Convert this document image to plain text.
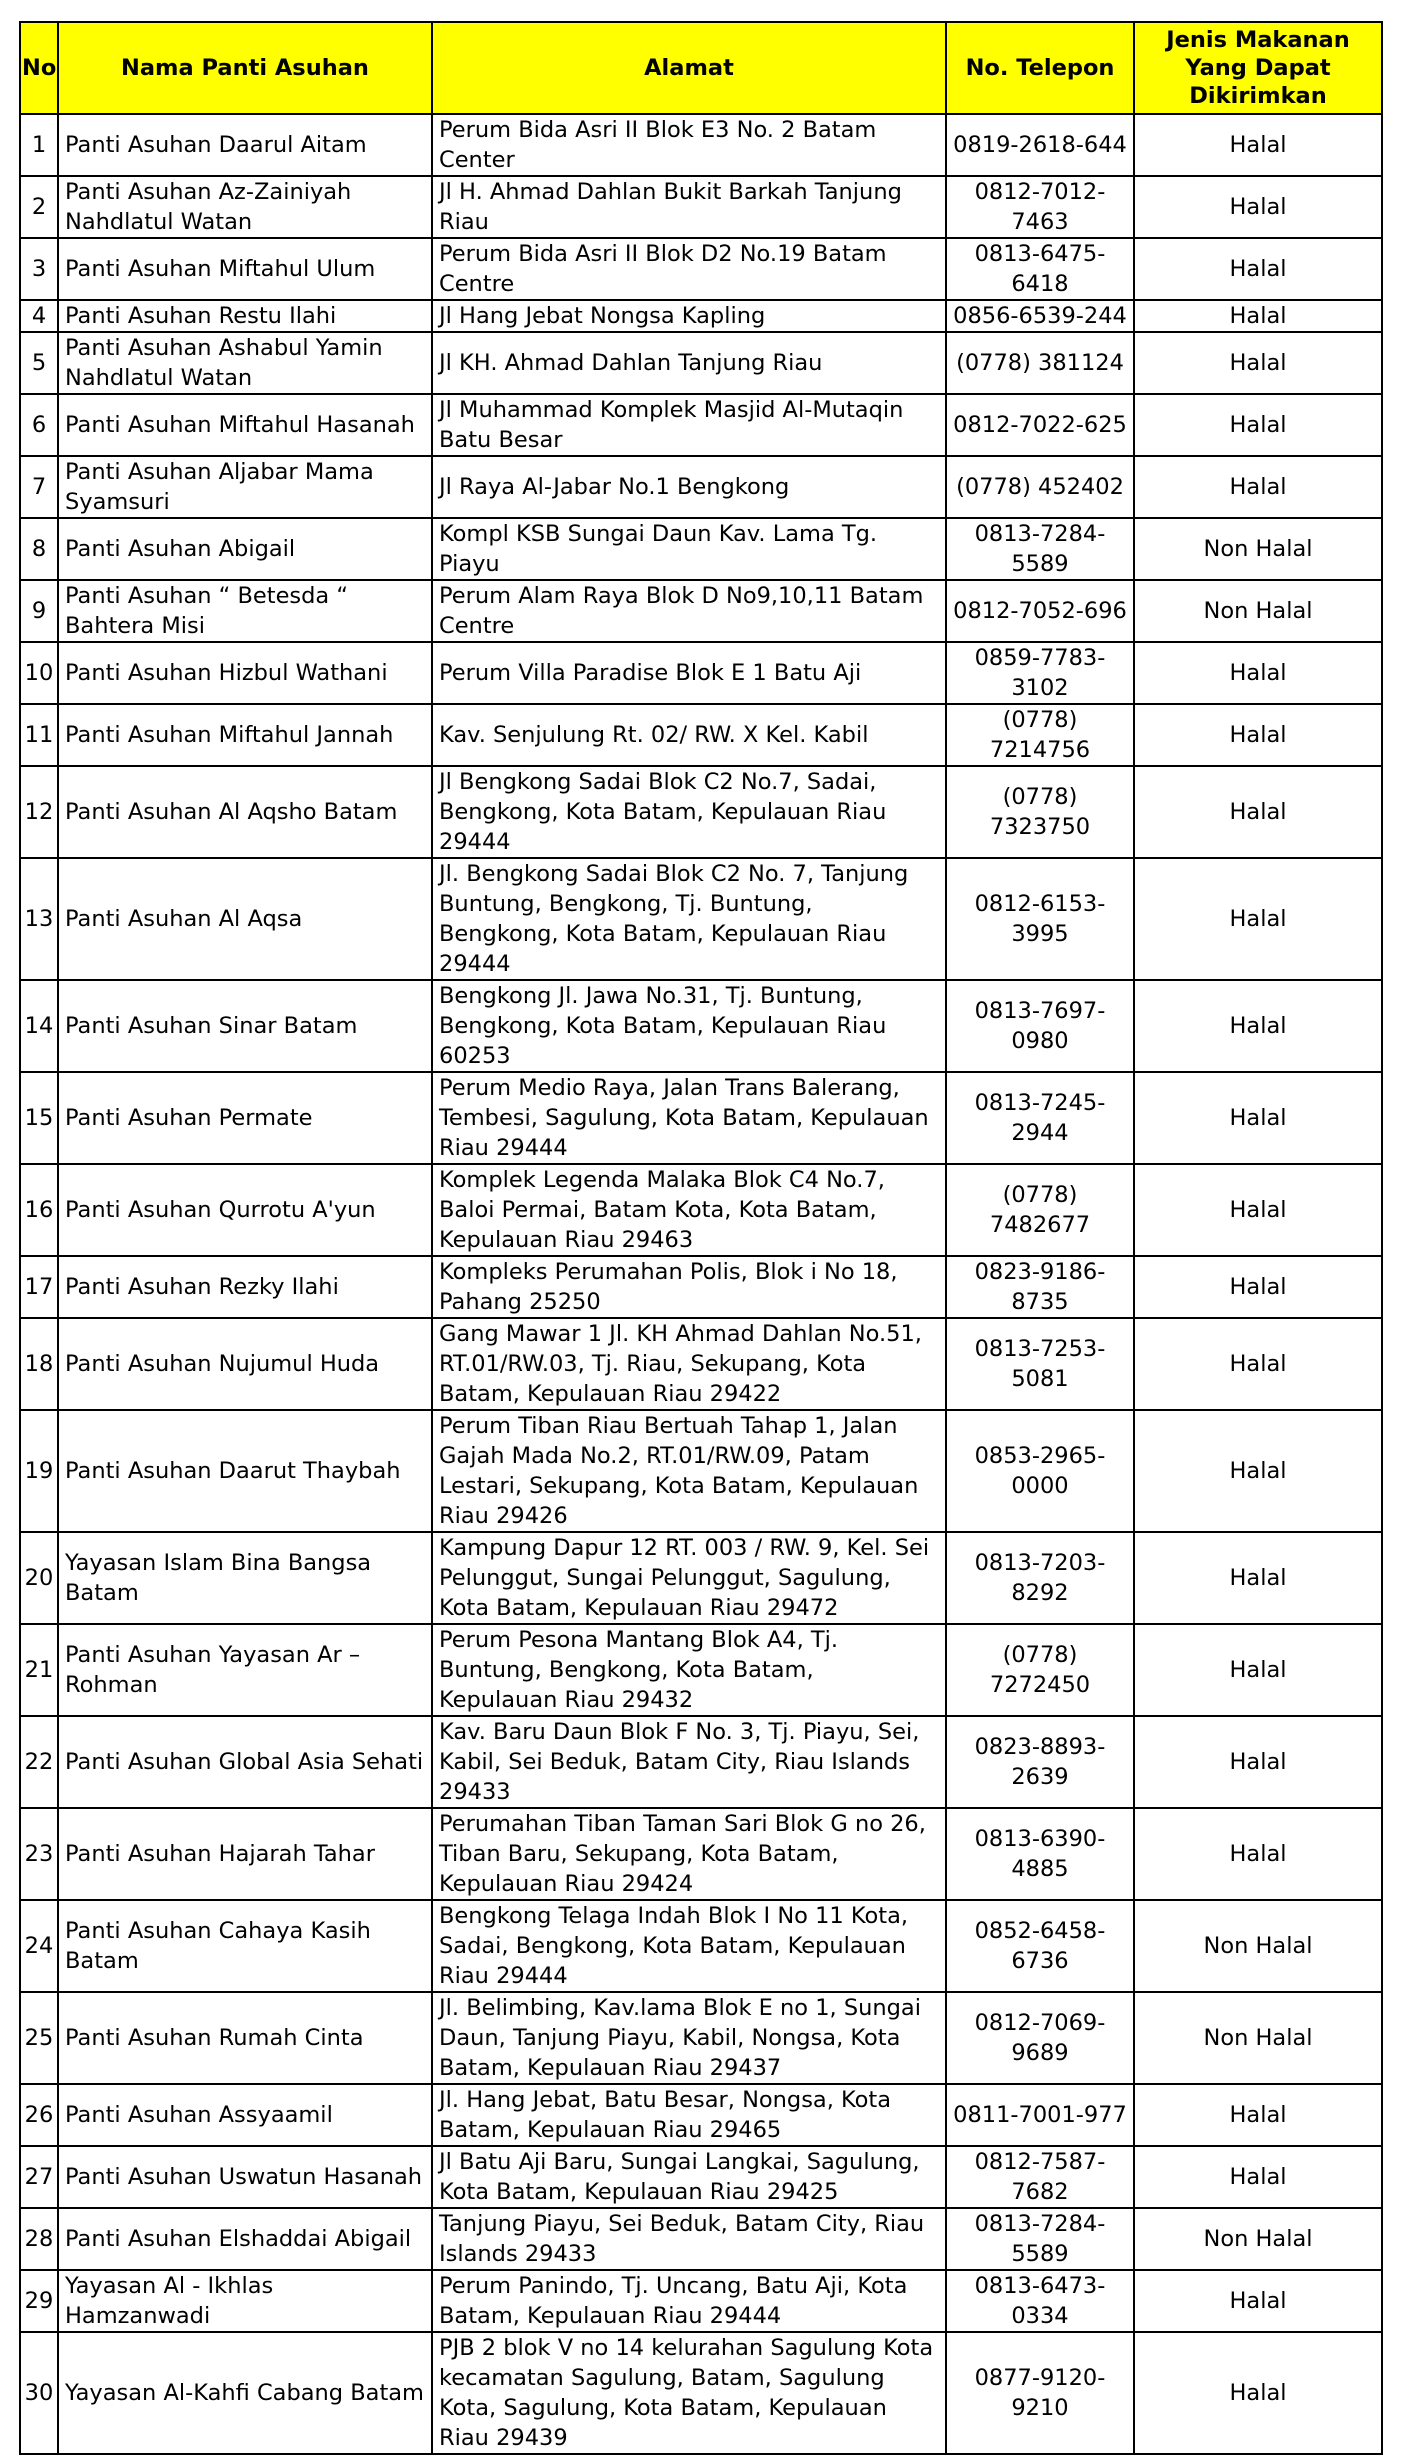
No	Nama Panti Asuhan	Alamat	No. Telepon	Jenis Makanan Yang Dapat Dikirimkan
1	Panti Asuhan Daarul Aitam	Perum Bida Asri II Blok E3 No. 2 Batam Center	0819-2618-644	Halal
2	Panti Asuhan Az-Zainiyah Nahdlatul Watan	Jl H. Ahmad Dahlan Bukit Barkah Tanjung Riau	0812-7012-7463	Halal
3	Panti Asuhan Miftahul Ulum	Perum Bida Asri II Blok D2 No.19 Batam Centre	0813-6475-6418	Halal
4	Panti Asuhan Restu Ilahi	Jl Hang Jebat Nongsa Kapling	0856-6539-244	Halal
5	Panti Asuhan Ashabul Yamin Nahdlatul Watan	Jl KH. Ahmad Dahlan Tanjung Riau	(0778) 381124	Halal
6	Panti Asuhan Miftahul Hasanah	Jl Muhammad Komplek Masjid Al-Mutaqin Batu Besar	0812-7022-625	Halal
7	Panti Asuhan Aljabar Mama Syamsuri	Jl Raya Al-Jabar No.1 Bengkong	(0778) 452402	Halal
8	Panti Asuhan Abigail	Kompl KSB Sungai Daun Kav. Lama Tg. Piayu	0813-7284-5589	Non Halal
9	Panti Asuhan “ Betesda “ Bahtera Misi	Perum Alam Raya Blok D No9,10,11 Batam Centre	0812-7052-696	Non Halal
10	Panti Asuhan Hizbul Wathani	Perum Villa Paradise Blok E 1 Batu Aji	0859-7783-3102	Halal
11	Panti Asuhan Miftahul Jannah	Kav. Senjulung Rt. 02/ RW. X Kel. Kabil	(0778) 7214756	Halal
12	Panti Asuhan Al Aqsho Batam	Jl Bengkong Sadai Blok C2 No.7, Sadai, Bengkong, Kota Batam, Kepulauan Riau 29444	(0778) 7323750	Halal
13	Panti Asuhan Al Aqsa	Jl. Bengkong Sadai Blok C2 No. 7, Tanjung Buntung, Bengkong, Tj. Buntung, Bengkong, Kota Batam, Kepulauan Riau 29444	0812-6153-3995	Halal
14	Panti Asuhan Sinar Batam	Bengkong Jl. Jawa No.31, Tj. Buntung, Bengkong, Kota Batam, Kepulauan Riau 60253	0813-7697-0980	Halal
15	Panti Asuhan Permate	Perum Medio Raya, Jalan Trans Balerang, Tembesi, Sagulung, Kota Batam, Kepulauan Riau 29444	0813-7245-2944	Halal
16	Panti Asuhan Qurrotu A'yun	Komplek Legenda Malaka Blok C4 No.7, Baloi Permai, Batam Kota, Kota Batam, Kepulauan Riau 29463	(0778) 7482677	Halal
17	Panti Asuhan Rezky Ilahi	Kompleks Perumahan Polis, Blok i No 18, Pahang 25250	0823-9186-8735	Halal
18	Panti Asuhan Nujumul Huda	Gang Mawar 1 Jl. KH Ahmad Dahlan No.51, RT.01/RW.03, Tj. Riau, Sekupang, Kota Batam, Kepulauan Riau 29422	0813-7253-5081	Halal
19	Panti Asuhan Daarut Thaybah	Perum Tiban Riau Bertuah Tahap 1, Jalan Gajah Mada No.2, RT.01/RW.09, Patam Lestari, Sekupang, Kota Batam, Kepulauan Riau 29426	0853-2965-0000	Halal
20	Yayasan Islam Bina Bangsa Batam	Kampung Dapur 12 RT. 003 / RW. 9, Kel. Sei Pelunggut, Sungai Pelunggut, Sagulung, Kota Batam, Kepulauan Riau 29472	0813-7203-8292	Halal
21	Panti Asuhan Yayasan Ar – Rohman	Perum Pesona Mantang Blok A4, Tj. Buntung, Bengkong, Kota Batam, Kepulauan Riau 29432	(0778) 7272450	Halal
22	Panti Asuhan Global Asia Sehati	Kav. Baru Daun Blok F No. 3, Tj. Piayu, Sei, Kabil, Sei Beduk, Batam City, Riau Islands 29433	0823-8893-2639	Halal
23	Panti Asuhan Hajarah Tahar	Perumahan Tiban Taman Sari Blok G no 26, Tiban Baru, Sekupang, Kota Batam, Kepulauan Riau 29424	0813-6390-4885	Halal
24	Panti Asuhan Cahaya Kasih Batam	Bengkong Telaga Indah Blok I No 11 Kota, Sadai, Bengkong, Kota Batam, Kepulauan Riau 29444	0852-6458-6736	Non Halal
25	Panti Asuhan Rumah Cinta	Jl. Belimbing, Kav.lama Blok E no 1, Sungai Daun, Tanjung Piayu, Kabil, Nongsa, Kota Batam, Kepulauan Riau 29437	0812-7069-9689	Non Halal
26	Panti Asuhan Assyaamil	Jl. Hang Jebat, Batu Besar, Nongsa, Kota Batam, Kepulauan Riau 29465	0811-7001-977	Halal
27	Panti Asuhan Uswatun Hasanah	Jl Batu Aji Baru, Sungai Langkai, Sagulung, Kota Batam, Kepulauan Riau 29425	0812-7587-7682	Halal
28	Panti Asuhan Elshaddai Abigail	Tanjung Piayu, Sei Beduk, Batam City, Riau Islands 29433	0813-7284-5589	Non Halal
29	Yayasan Al - Ikhlas Hamzanwadi	Perum Panindo, Tj. Uncang, Batu Aji, Kota Batam, Kepulauan Riau 29444	0813-6473-0334	Halal
30	Yayasan Al-Kahfi Cabang Batam	PJB 2 blok V no 14 kelurahan Sagulung Kota kecamatan Sagulung, Batam, Sagulung Kota, Sagulung, Kota Batam, Kepulauan Riau 29439	0877-9120-9210	Halal
